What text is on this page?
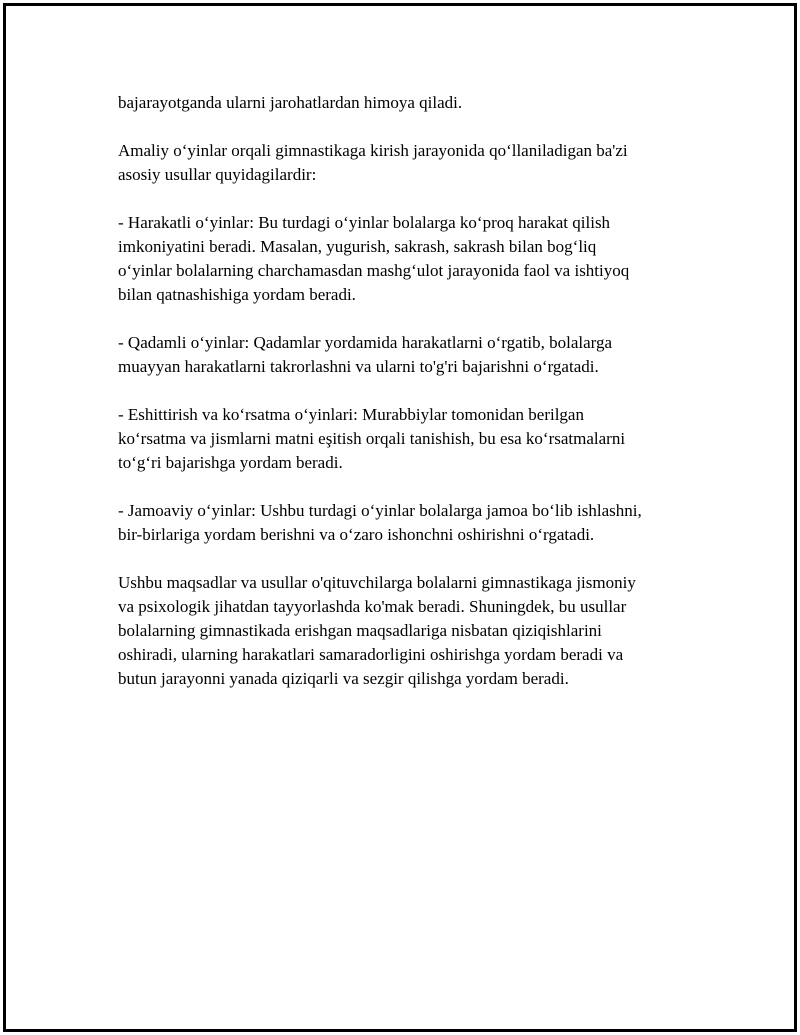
bajarayotganda ularni jarohatlardan himoya qiladi.
Amaliy o‘yinlar orqali gimnastikaga kirish jarayonida qo‘llaniladigan ba'zi
asosiy usullar quyidagilardir:
- Harakatli o‘yinlar: Bu turdagi o‘yinlar bolalarga ko‘proq harakat qilish
imkoniyatini beradi. Masalan, yugurish, sakrash, sakrash bilan bog‘liq
o‘yinlar bolalarning charchamasdan mashg‘ulot jarayonida faol va ishtiyoq
bilan qatnashishiga yordam beradi.
- Qadamli o‘yinlar: Qadamlar yordamida harakatlarni o‘rgatib, bolalarga
muayyan harakatlarni takrorlashni va ularni to'g'ri bajarishni o‘rgatadi.
- Eshittirish va ko‘rsatma o‘yinlari: Murabbiylar tomonidan berilgan
ko‘rsatma va jismlarni matni eşitish orqali tanishish, bu esa ko‘rsatmalarni
to‘g‘ri bajarishga yordam beradi.
- Jamoaviy o‘yinlar: Ushbu turdagi o‘yinlar bolalarga jamoa bo‘lib ishlashni,
bir-birlariga yordam berishni va o‘zaro ishonchni oshirishni o‘rgatadi.
Ushbu maqsadlar va usullar o'qituvchilarga bolalarni gimnastikaga jismoniy
va psixologik jihatdan tayyorlashda ko'mak beradi. Shuningdek, bu usullar
bolalarning gimnastikada erishgan maqsadlariga nisbatan qiziqishlarini
oshiradi, ularning harakatlari samaradorligini oshirishga yordam beradi va
butun jarayonni yanada qiziqarli va sezgir qilishga yordam beradi.
